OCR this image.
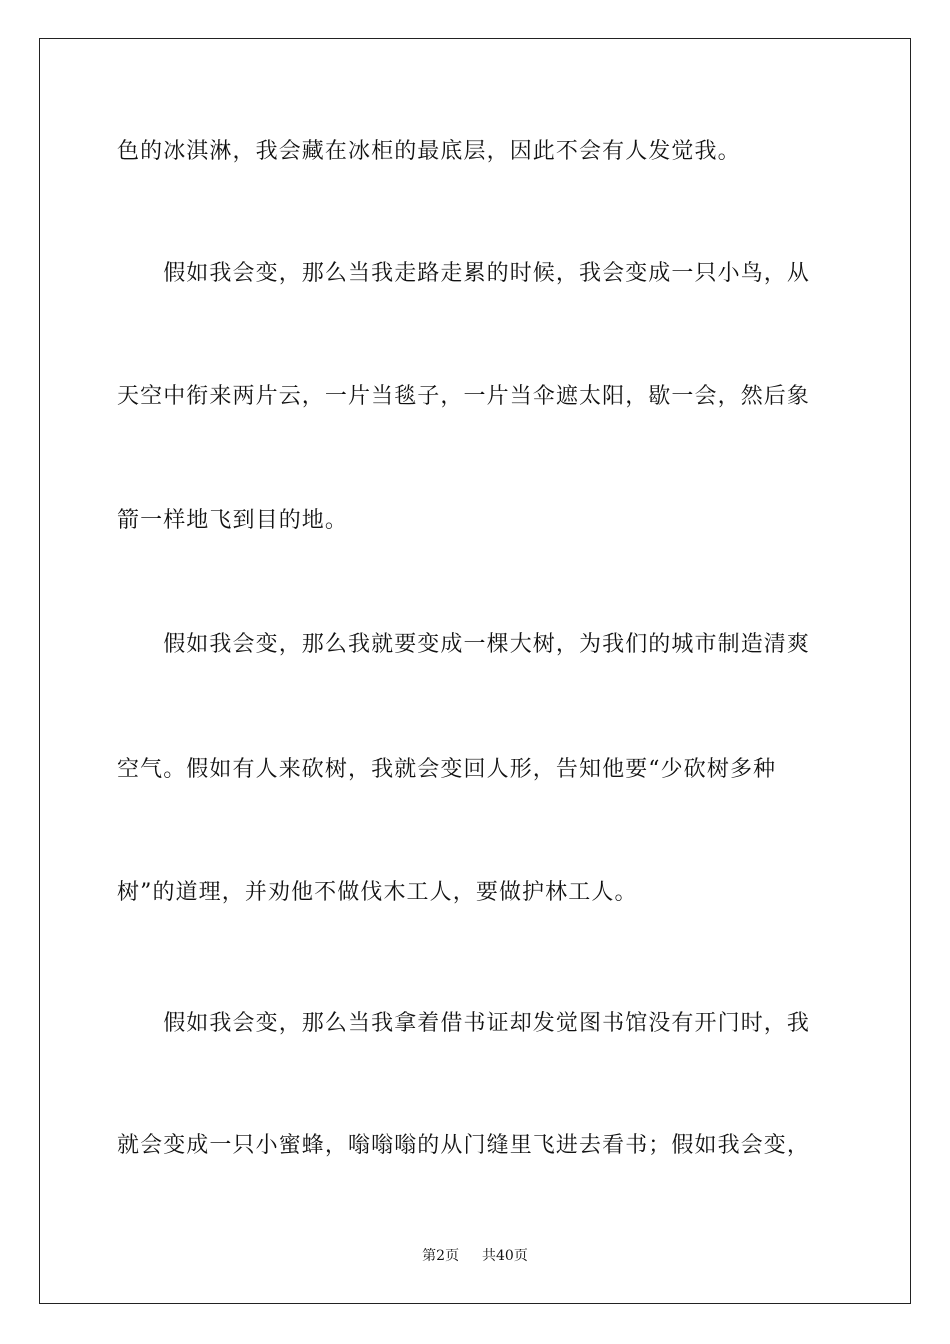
色的冰淇淋，我会藏在冰柜的最底层，因此不会有人发觉我。
　　假如我会变，那么当我走路走累的时候，我会变成一只小鸟，从
天空中衔来两片云，一片当毯子，一片当伞遮太阳，歇一会，然后象
箭一样地飞到目的地。
　　假如我会变，那么我就要变成一棵大树，为我们的城市制造清爽
空气。假如有人来砍树，我就会变回人形，告知他要“少砍树多种
树”的道理，并劝他不做伐木工人，要做护林工人。
　　假如我会变，那么当我拿着借书证却发觉图书馆没有开门时，我
就会变成一只小蜜蜂，嗡嗡嗡的从门缝里飞进去看书；假如我会变，
第2页 共40页
